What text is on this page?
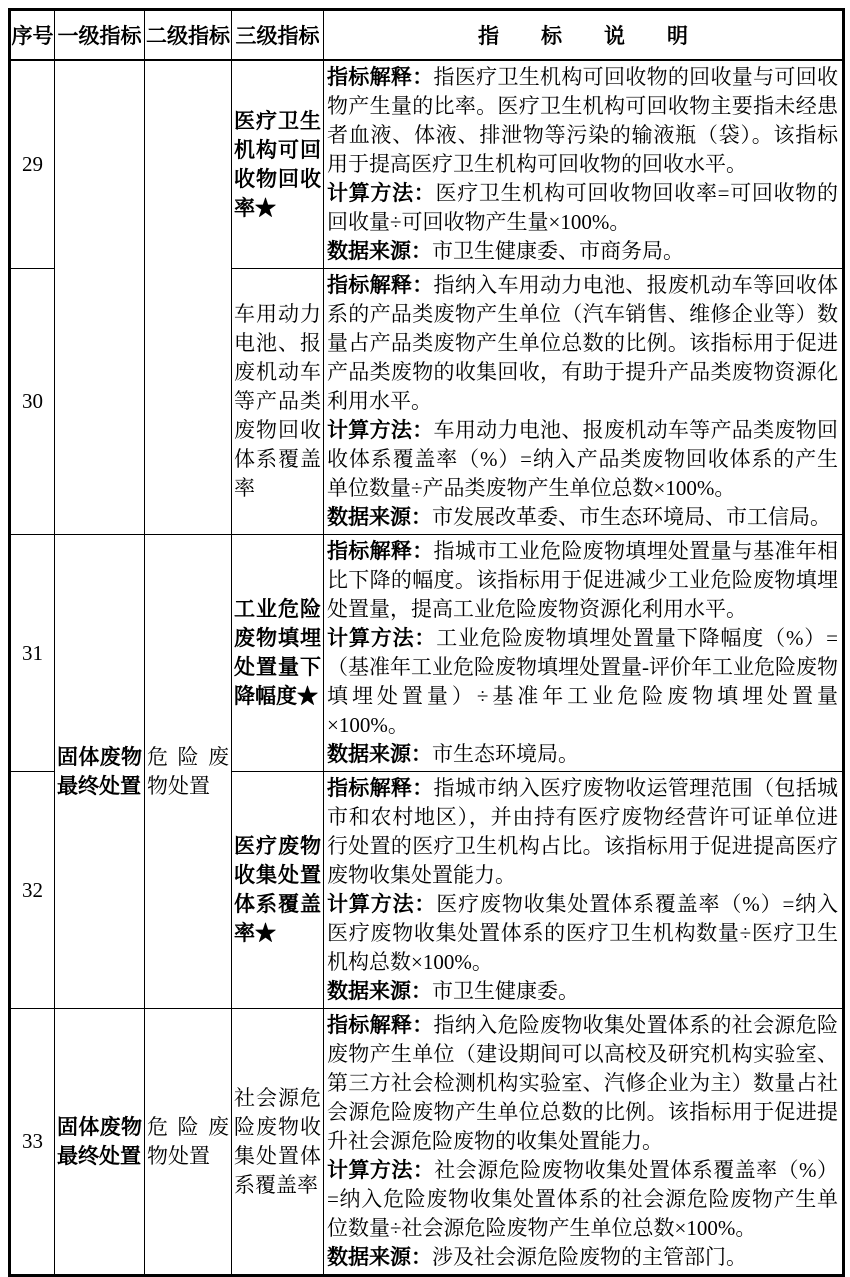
序号	一级指标	二级指标	三级指标	指　　标　　说　　明
29			医疗卫生机构可回收物回收率★	指标解释：指医疗卫生机构可回收物的回收量与可回收物产生量的比率。医疗卫生机构可回收物主要指未经患者血液、体液、排泄物等污染的输液瓶（袋）。该指标用于提高医疗卫生机构可回收物的回收水平。

计算方法：医疗卫生机构可回收物回收率=可回收物的回收量÷可回收物产生量×100%。

数据来源：市卫生健康委、市商务局。

30			车用动力电池、报废机动车等产品类废物回收体系覆盖率	指标解释：指纳入车用动力电池、报废机动车等回收体系的产品类废物产生单位（汽车销售、维修企业等）数量占产品类废物产生单位总数的比例。该指标用于促进产品类废物的收集回收，有助于提升产品类废物资源化利用水平。

计算方法：车用动力电池、报废机动车等产品类废物回收体系覆盖率（%）=纳入产品类废物回收体系的产生单位数量÷产品类废物产生单位总数×100%。

数据来源：市发展改革委、市生态环境局、市工信局。

31	固体废物最终处置	危险废物处置	工业危险废物填埋处置量下降幅度★	指标解释：指城市工业危险废物填埋处置量与基准年相比下降的幅度。该指标用于促进减少工业危险废物填埋处置量，提高工业危险废物资源化利用水平。

计算方法：工业危险废物填埋处置量下降幅度（%）=（基准年工业危险废物填埋处置量-评价年工业危险废物填埋处置量）÷基准年工业危险废物填埋处置量×100%。

数据来源：市生态环境局。

32			医疗废物收集处置体系覆盖率★	指标解释：指城市纳入医疗废物收运管理范围（包括城市和农村地区），并由持有医疗废物经营许可证单位进行处置的医疗卫生机构占比。该指标用于促进提高医疗废物收集处置能力。

计算方法：医疗废物收集处置体系覆盖率（%）=纳入医疗废物收集处置体系的医疗卫生机构数量÷医疗卫生机构总数×100%。

数据来源：市卫生健康委。

33	固体废物最终处置	危险废物处置	社会源危险废物收集处置体系覆盖率	指标解释：指纳入危险废物收集处置体系的社会源危险废物产生单位（建设期间可以高校及研究机构实验室、第三方社会检测机构实验室、汽修企业为主）数量占社会源危险废物产生单位总数的比例。该指标用于促进提升社会源危险废物的收集处置能力。

计算方法：社会源危险废物收集处置体系覆盖率（%）=纳入危险废物收集处置体系的社会源危险废物产生单位数量÷社会源危险废物产生单位总数×100%。

数据来源：涉及社会源危险废物的主管部门。
